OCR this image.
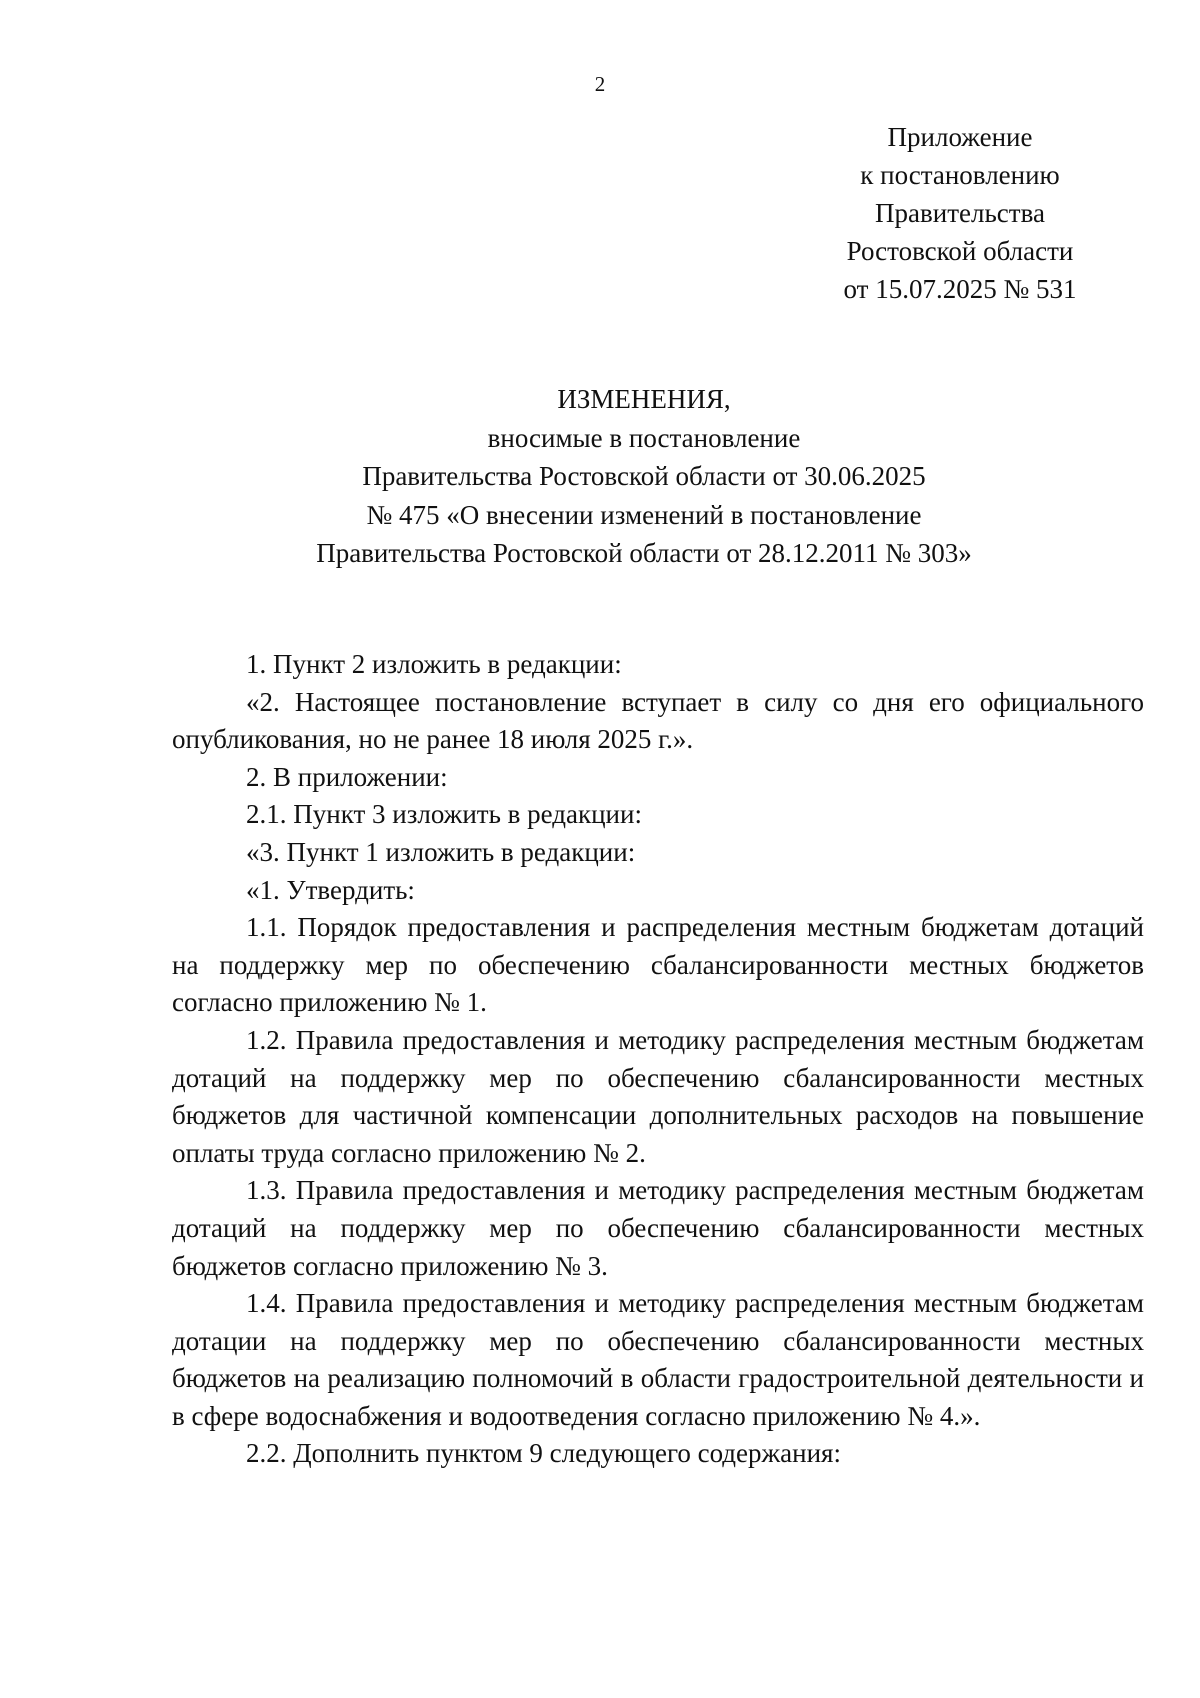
2
Приложение
к постановлению
Правительства
Ростовской области
от 15.07.2025 № 531
ИЗМЕНЕНИЯ,
вносимые в постановление
Правительства Ростовской области от 30.06.2025
№ 475 «О внесении изменений в постановление
Правительства Ростовской области от 28.12.2011 № 303»

1. Пункт 2 изложить в редакции:

«2. Настоящее постановление вступает в силу со дня его официального опубликования, но не ранее 18 июля 2025 г.».

2. В приложении:

2.1. Пункт 3 изложить в редакции:

«3. Пункт 1 изложить в редакции:

«1. Утвердить:

1.1. Порядок предоставления и распределения местным бюджетам дотаций на поддержку мер по обеспечению сбалансированности местных бюджетов согласно приложению № 1.

1.2. Правила предоставления и методику распределения местным бюджетам дотаций на поддержку мер по обеспечению сбалансированности местных бюджетов для частичной компенсации дополнительных расходов на повышение оплаты труда согласно приложению № 2.

1.3. Правила предоставления и методику распределения местным бюджетам дотаций на поддержку мер по обеспечению сбалансированности местных бюджетов согласно приложению № 3.

1.4. Правила предоставления и методику распределения местным бюджетам дотации на поддержку мер по обеспечению сбалансированности местных бюджетов на реализацию полномочий в области градостроительной деятельности и в сфере водоснабжения и водоотведения согласно приложению № 4.».

2.2. Дополнить пунктом 9 следующего содержания:
